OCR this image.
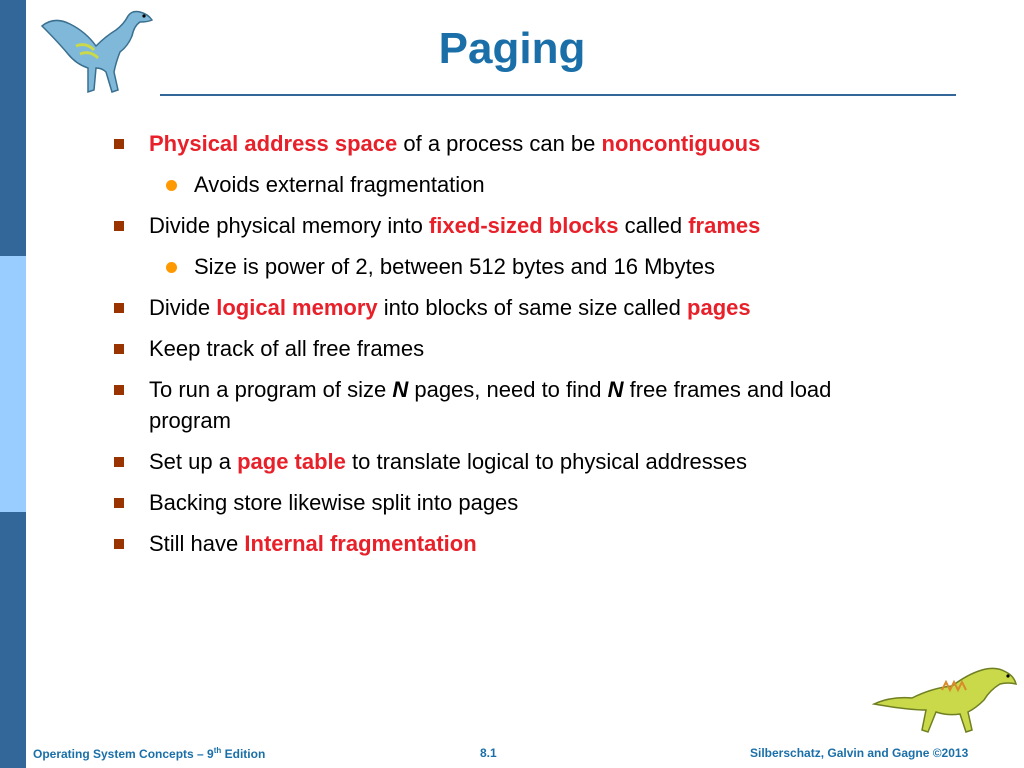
Paging
Physical address space of a process can be noncontiguous
Avoids external fragmentation
Divide physical memory into fixed-sized blocks called frames
Size is power of 2, between 512 bytes and 16 Mbytes
Divide logical memory into blocks of same size called pages
Keep track of all free frames
To run a program of size N pages, need to find N free frames and load program
Set up a page table to translate logical to physical addresses
Backing store likewise split into pages
Still have Internal fragmentation
Operating System Concepts – 9th Edition	8.1	Silberschatz, Galvin and Gagne ©2013
